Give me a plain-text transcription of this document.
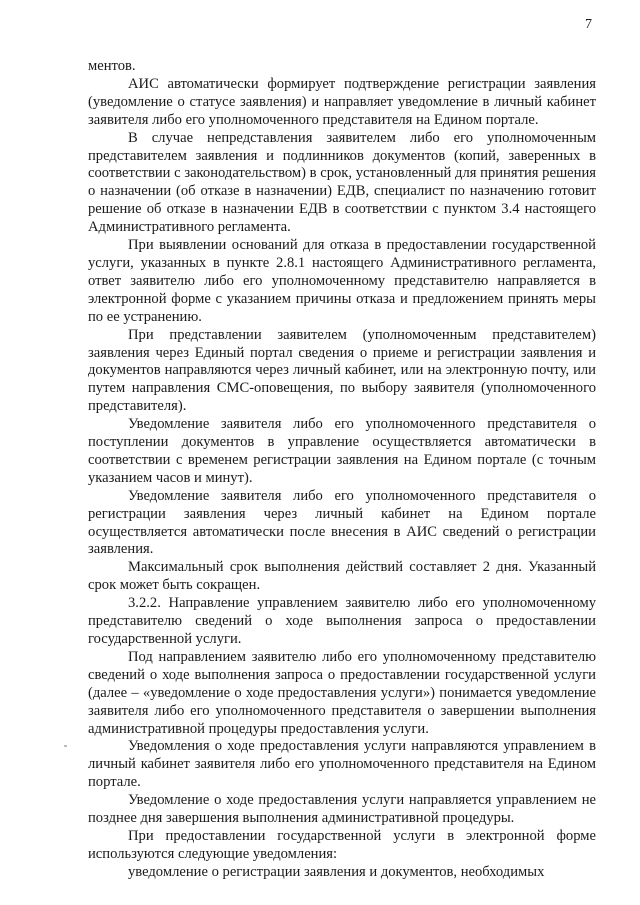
7

ментов.

АИС автоматически формирует подтверждение регистрации заявления (уведомление о статусе заявления) и направляет уведомление в личный кабинет заявителя либо его уполномоченного представителя на Едином портале.

В случае непредставления заявителем либо его уполномоченным представителем заявления и подлинников документов (копий, заверенных в соответствии с законодательством) в срок, установленный для принятия решения о назначении (об отказе в назначении) ЕДВ, специалист по назначению готовит решение об отказе в назначении ЕДВ в соответствии с пунктом 3.4 настоящего Административного регламента.

При выявлении оснований для отказа в предоставлении государственной услуги, указанных в пункте 2.8.1 настоящего Административного регламента, ответ заявителю либо его уполномоченному представителю направляется в электронной форме с указанием причины отказа и предложением принять меры по ее устранению.

При представлении заявителем (уполномоченным представителем) заявления через Единый портал сведения о приеме и регистрации заявления и документов направляются через личный кабинет, или на электронную почту, или путем направления СМС-оповещения, по выбору заявителя (уполномоченного представителя).

Уведомление заявителя либо его уполномоченного представителя о поступлении документов в управление осуществляется автоматически в соответствии с временем регистрации заявления на Едином портале (с точным указанием часов и минут).

Уведомление заявителя либо его уполномоченного представителя о регистрации заявления через личный кабинет на Едином портале осуществляется автоматически после внесения в АИС сведений о регистрации заявления.

Максимальный срок выполнения действий составляет 2 дня. Указанный срок может быть сокращен.

3.2.2. Направление управлением заявителю либо его уполномоченному представителю сведений о ходе выполнения запроса о предоставлении государственной услуги.

Под направлением заявителю либо его уполномоченному представителю сведений о ходе выполнения запроса о предоставлении государственной услуги (далее – «уведомление о ходе предоставления услуги») понимается уведомление заявителя либо его уполномоченного представителя о завершении выполнения административной процедуры предоставления услуги.

Уведомления о ходе предоставления услуги направляются управлением в личный кабинет заявителя либо его уполномоченного представителя на Едином портале.

Уведомление о ходе предоставления услуги направляется управлением не позднее дня завершения выполнения административной процедуры.

При предоставлении государственной услуги в электронной форме используются следующие уведомления:

уведомление о регистрации заявления и документов, необходимых
